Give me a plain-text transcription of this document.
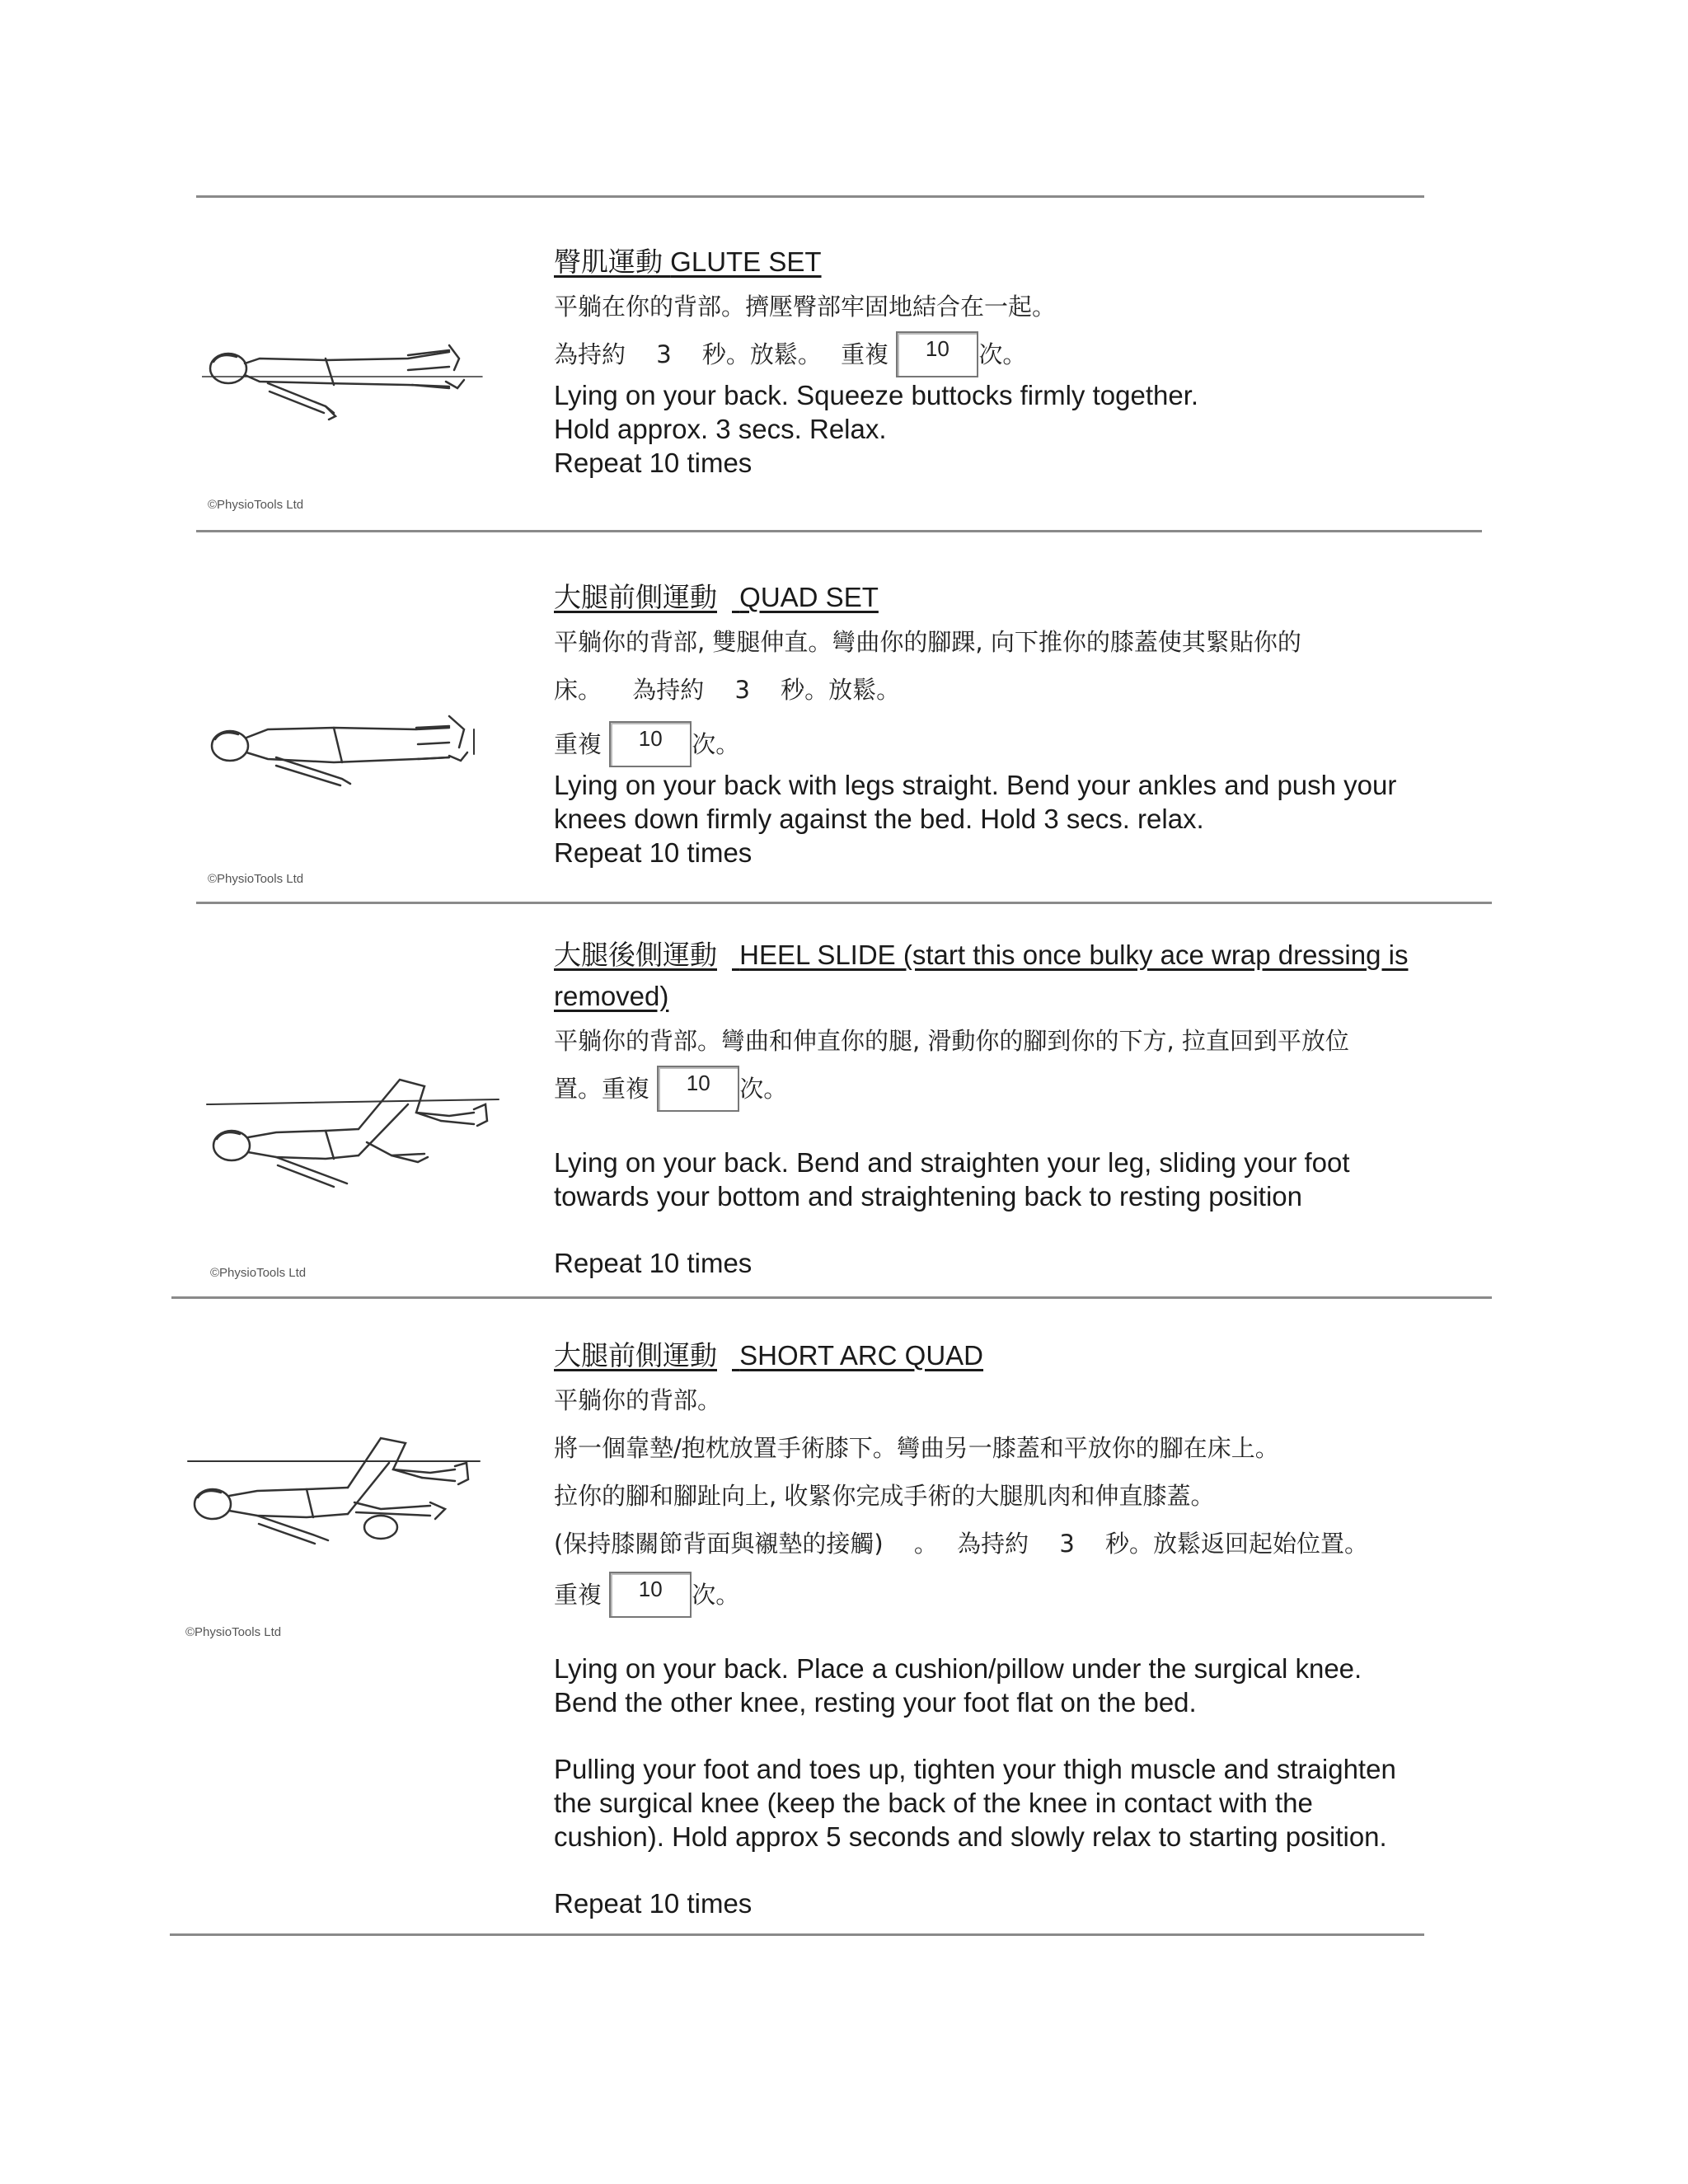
©PhysioTools Ltd
臀肌運動 GLUTE SET
平躺在你的背部。擠壓臀部牢固地結合在一起。
為持約 3 秒。放鬆。 重複 10 次。
Lying on your back. Squeeze buttocks firmly together.
Hold approx. 3 secs. Relax.
Repeat 10 times
©PhysioTools Ltd
大腿前側運動 QUAD SET
平躺你的背部, 雙腿伸直。彎曲你的腳踝, 向下推你的膝蓋使其緊貼你的
床。 為持約 3 秒。放鬆。
重複 10 次。
Lying on your back with legs straight. Bend your ankles and push your
knees down firmly against the bed. Hold 3 secs. relax.
Repeat 10 times
©PhysioTools Ltd
大腿後側運動 HEEL SLIDE (start this once bulky ace wrap dressing is
removed)
平躺你的背部。彎曲和伸直你的腿, 滑動你的腳到你的下方, 拉直回到平放位
置。重複 10 次。
Lying on your back. Bend and straighten your leg, sliding your foot
towards your bottom and straightening back to resting position
Repeat 10 times
©PhysioTools Ltd
大腿前側運動 SHORT ARC QUAD
平躺你的背部。
將一個靠墊/抱枕放置手術膝下。彎曲另一膝蓋和平放你的腳在床上。
拉你的腳和腳趾向上, 收緊你完成手術的大腿肌肉和伸直膝蓋。
(保持膝關節背面與襯墊的接觸) 。 為持約 3 秒。放鬆返回起始位置。
重複 10 次。
Lying on your back. Place a cushion/pillow under the surgical knee.
Bend the other knee, resting your foot flat on the bed.
Pulling your foot and toes up, tighten your thigh muscle and straighten
the surgical knee (keep the back of the knee in contact with the
cushion). Hold approx 5 seconds and slowly relax to starting position.
Repeat 10 times
